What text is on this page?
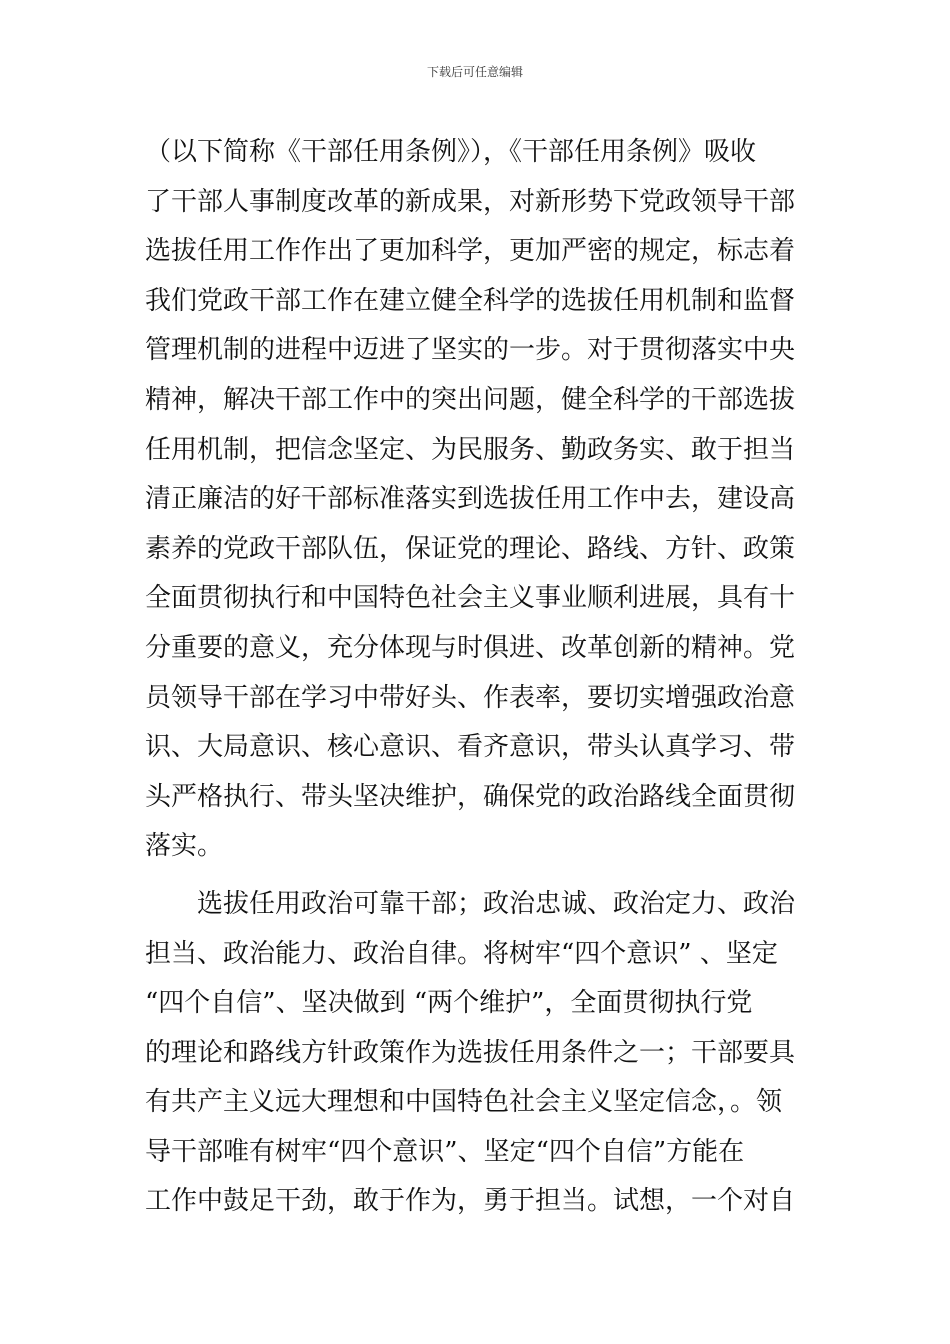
下载后可任意编辑
（以下简称《干部任用条例》），《干部任用条例》吸收
了干部人事制度改革的新成果，对新形势下党政领导干部
选拔任用工作作出了更加科学，更加严密的规定，标志着
我们党政干部工作在建立健全科学的选拔任用机制和监督
管理机制的进程中迈进了坚实的一步。对于贯彻落实中央
精神，解决干部工作中的突出问题，健全科学的干部选拔
任用机制，把信念坚定、为民服务、勤政务实、敢于担当
清正廉洁的好干部标准落实到选拔任用工作中去，建设高
素养的党政干部队伍，保证党的理论、路线、方针、政策
全面贯彻执行和中国特色社会主义事业顺利进展，具有十
分重要的意义，充分体现与时俱进、改革创新的精神。党
员领导干部在学习中带好头、作表率，要切实增强政治意
识、大局意识、核心意识、看齐意识，带头认真学习、带
头严格执行、带头坚决维护，确保党的政治路线全面贯彻
落实。
选拔任用政治可靠干部；政治忠诚、政治定力、政治
担当、政治能力、政治自律。将树牢“四个意识” 、坚定
“四个自信”、坚决做到 “两个维护”，全面贯彻执行党
的理论和路线方针政策作为选拔任用条件之一；干部要具
有共产主义远大理想和中国特色社会主义坚定信念，。领
导干部唯有树牢“四个意识”、坚定“四个自信”方能在
工作中鼓足干劲，敢于作为，勇于担当。试想，一个对自
